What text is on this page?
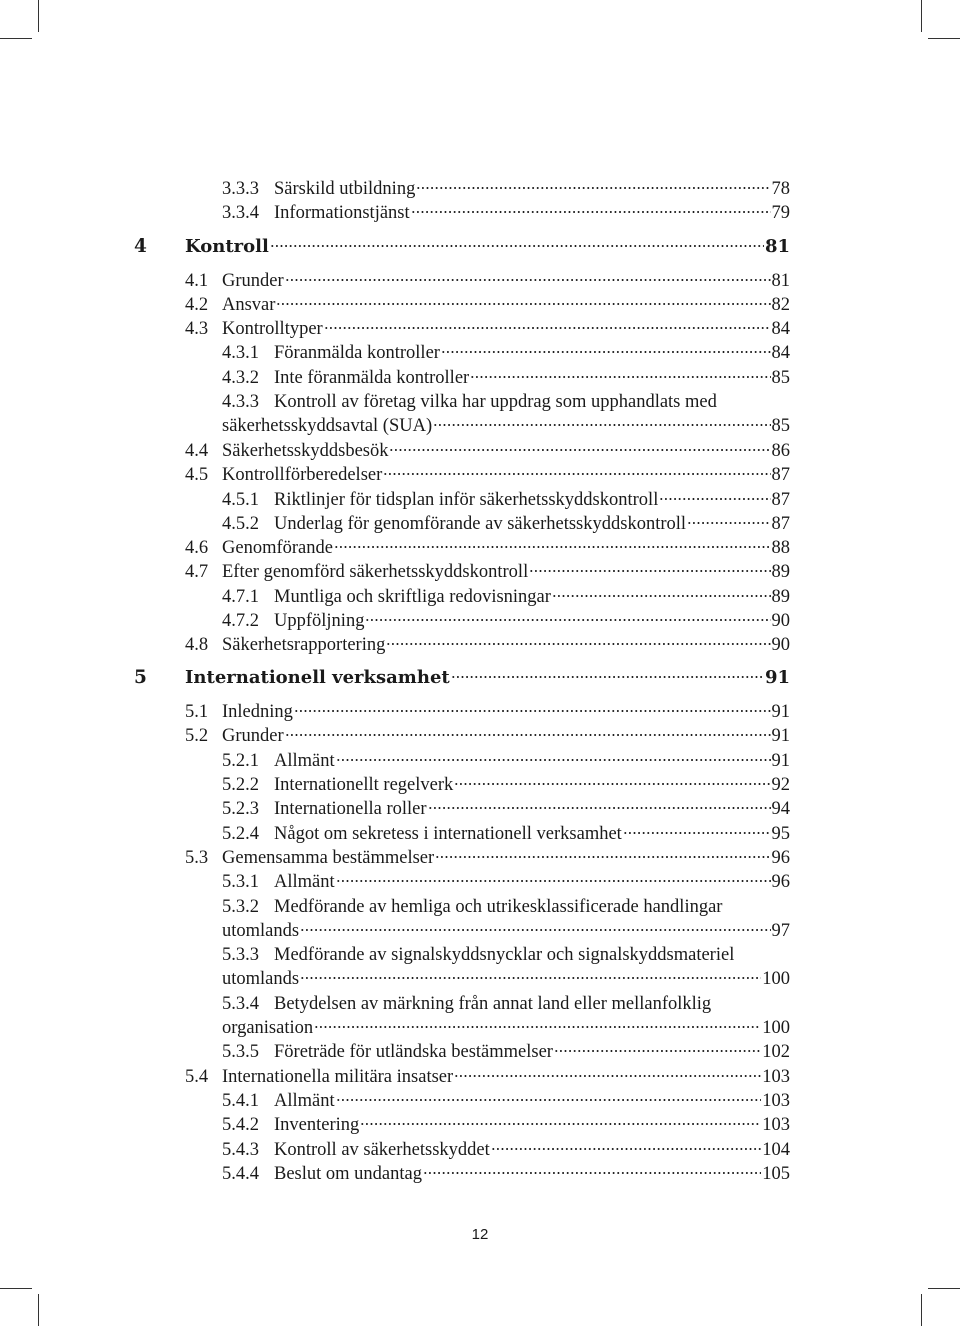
3.3.3 Särskild utbildning	78
3.3.4 Informationstjänst	79
4 Kontroll	81
4.1 Grunder	81
4.2 Ansvar	82
4.3 Kontrolltyper	84
4.3.1 Föranmälda kontroller	84
4.3.2 Inte föranmälda kontroller	85
4.3.3 Kontroll av företag vilka har uppdrag som upphandlats med
säkerhetsskyddsavtal (SUA)	85
4.4 Säkerhetsskyddsbesök	86
4.5 Kontrollförberedelser	87
4.5.1 Riktlinjer för tidsplan inför säkerhetsskyddskontroll	87
4.5.2 Underlag för genomförande av säkerhetsskyddskontroll	87
4.6 Genomförande	88
4.7 Efter genomförd säkerhetsskyddskontroll	89
4.7.1 Muntliga och skriftliga redovisningar	89
4.7.2 Uppföljning	90
4.8 Säkerhetsrapportering	90
5 Internationell verksamhet	91
5.1 Inledning	91
5.2 Grunder	91
5.2.1 Allmänt	91
5.2.2 Internationellt regelverk	92
5.2.3 Internationella roller	94
5.2.4 Något om sekretess i internationell verksamhet	95
5.3 Gemensamma bestämmelser	96
5.3.1 Allmänt	96
5.3.2 Medförande av hemliga och utrikesklassificerade handlingar
utomlands	97
5.3.3 Medförande av signalskyddsnycklar och signalskyddsmateriel
utomlands	100
5.3.4 Betydelsen av märkning från annat land eller mellanfolklig
organisation	100
5.3.5 Företräde för utländska bestämmelser	102
5.4 Internationella militära insatser	103
5.4.1 Allmänt	103
5.4.2 Inventering	103
5.4.3 Kontroll av säkerhetsskyddet	104
5.4.4 Beslut om undantag	105
12
